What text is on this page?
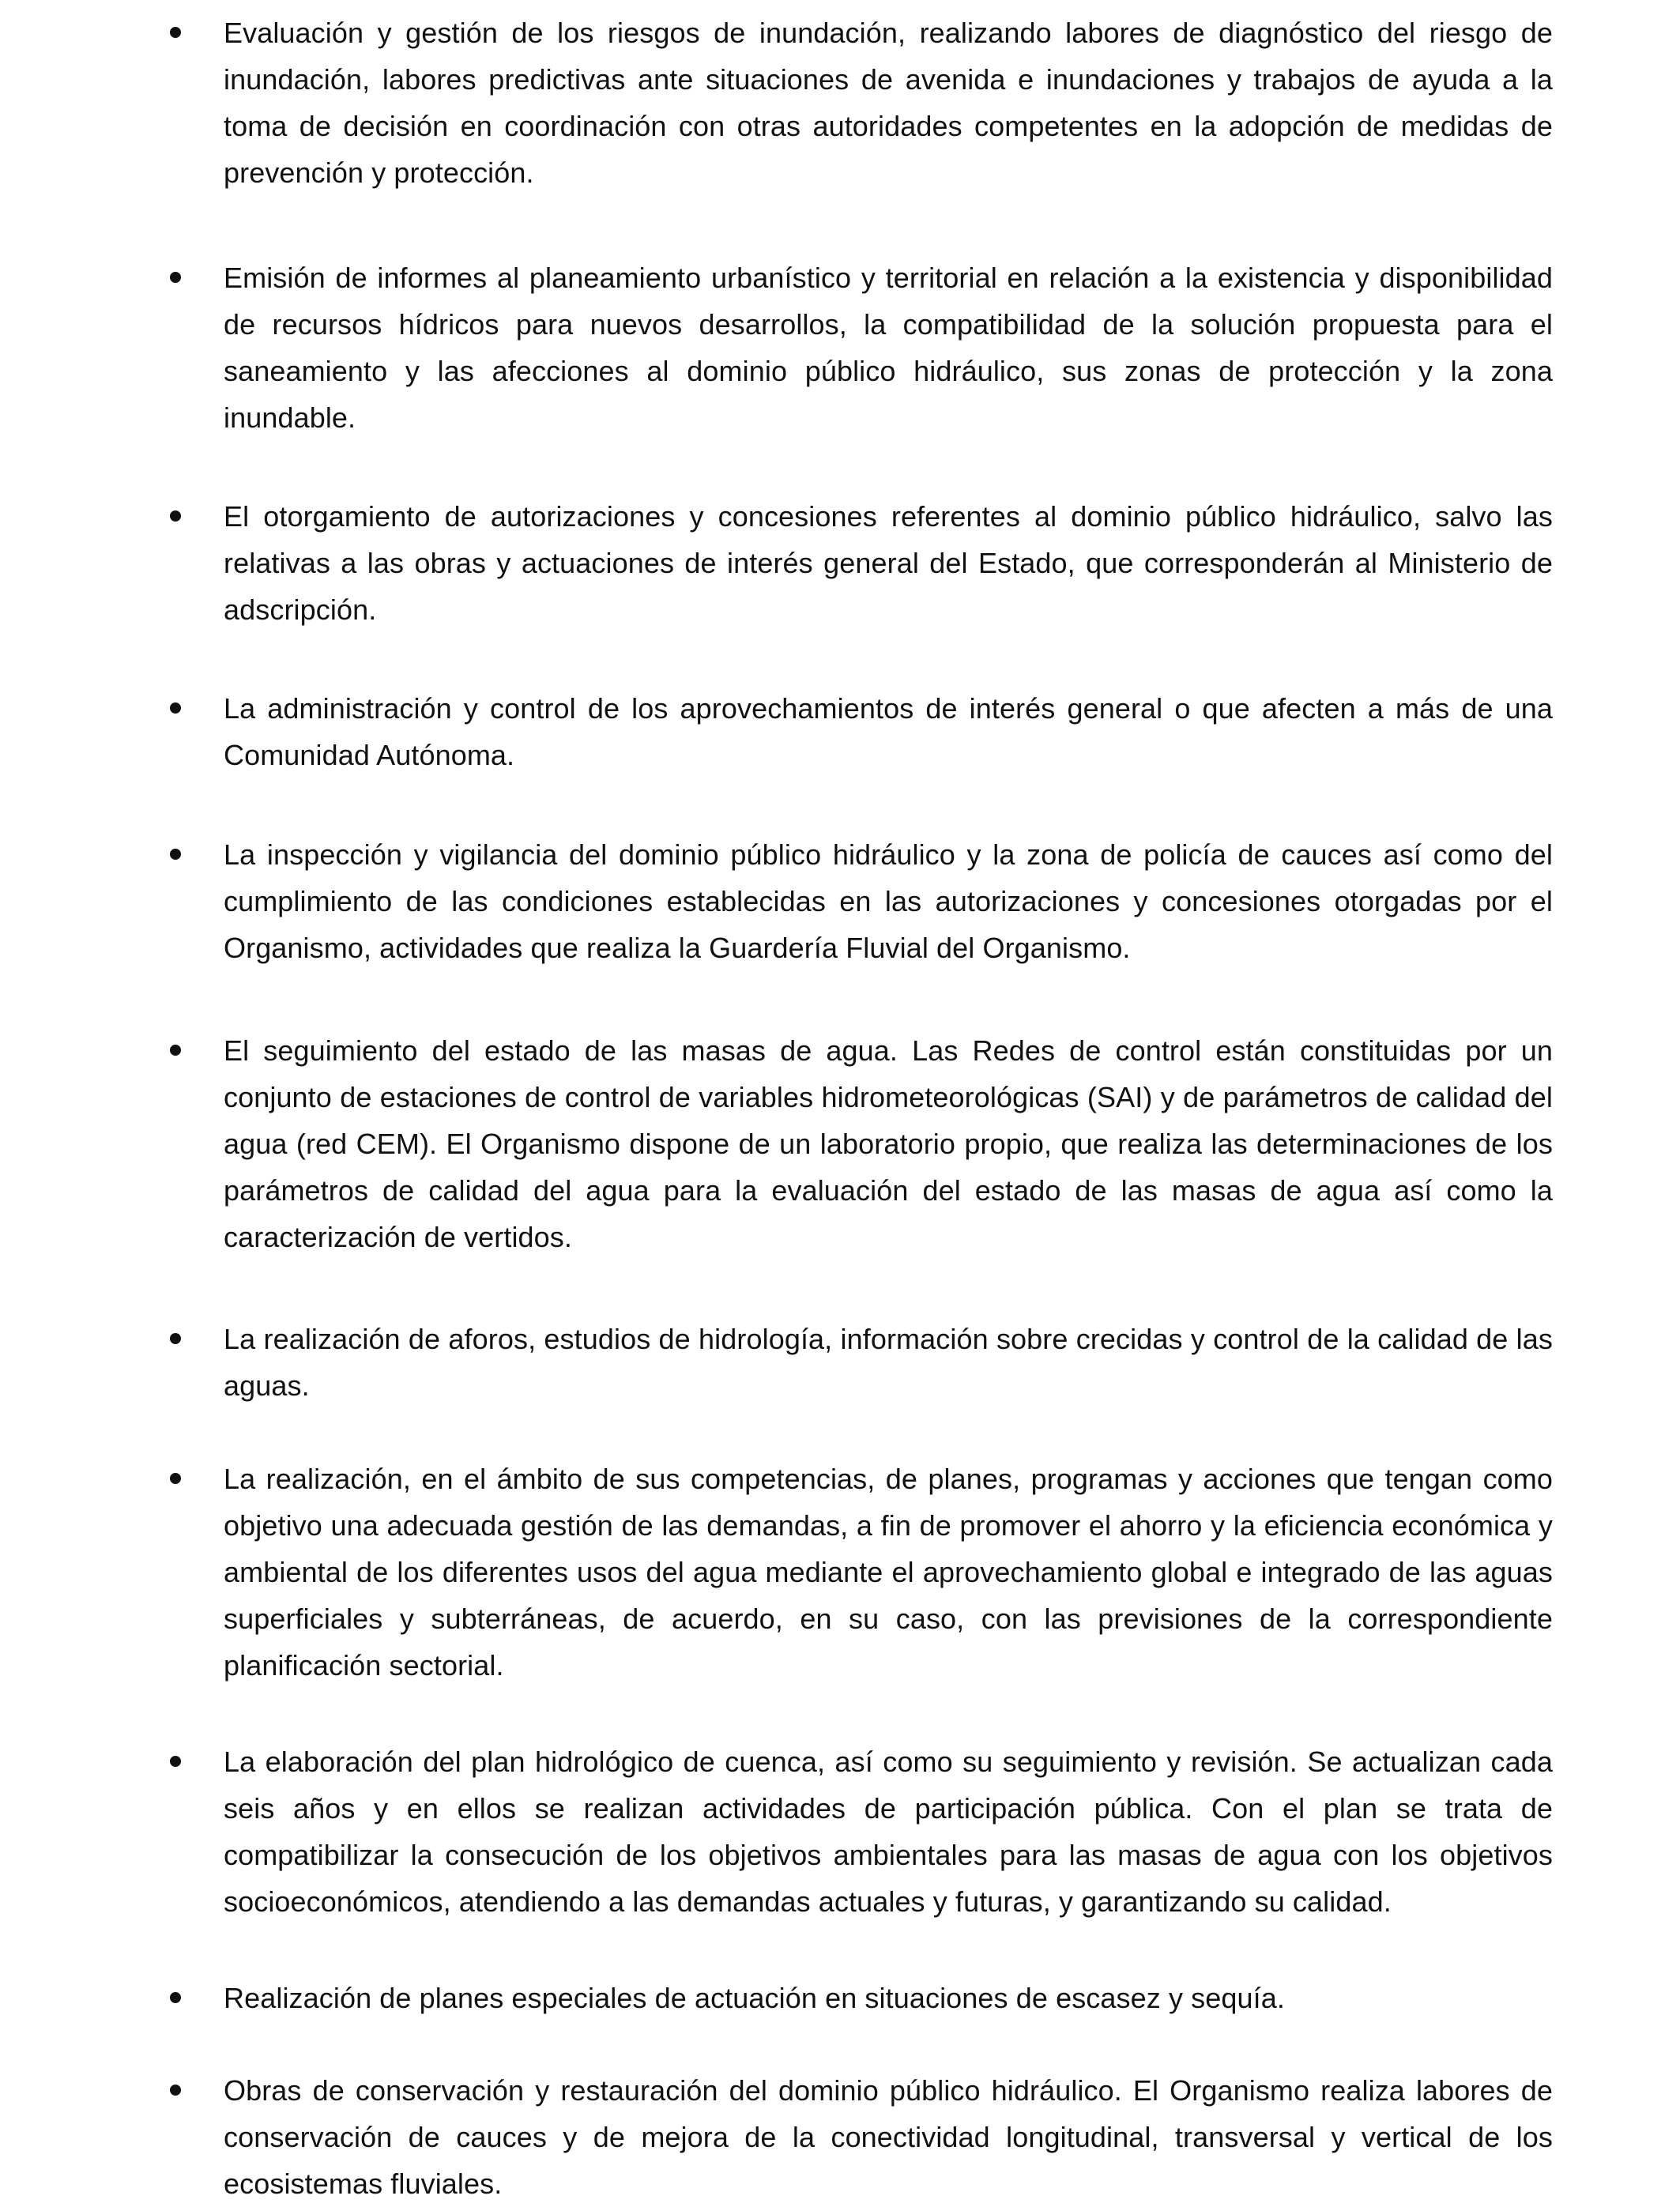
Evaluación y gestión de los riesgos de inundación, realizando labores de diagnóstico del riesgo de inundación, labores predictivas ante situaciones de avenida e inundaciones y trabajos de ayuda a la toma de decisión en coordinación con otras autoridades competentes en la adopción de medidas de prevención y protección.

Emisión de informes al planeamiento urbanístico y territorial en relación a la existencia y disponibilidad de recursos hídricos para nuevos desarrollos, la compatibilidad de la solución propuesta para el saneamiento y las afecciones al dominio público hidráulico, sus zonas de protección y la zona inundable.

El otorgamiento de autorizaciones y concesiones referentes al dominio público hidráulico, salvo las relativas a las obras y actuaciones de interés general del Estado, que corresponderán al Ministerio de adscripción.

La administración y control de los aprovechamientos de interés general o que afecten a más de una Comunidad Autónoma.

La inspección y vigilancia del dominio público hidráulico y la zona de policía de cauces así como del cumplimiento de las condiciones establecidas en las autorizaciones y concesiones otorgadas por el Organismo, actividades que realiza la Guardería Fluvial del Organismo.

El seguimiento del estado de las masas de agua. Las Redes de control están constituidas por un conjunto de estaciones de control de variables hidrometeorológicas (SAI) y de parámetros de calidad del agua (red CEM). El Organismo dispone de un laboratorio propio, que realiza las determinaciones de los parámetros de calidad del agua para la evaluación del estado de las masas de agua así como la caracterización de vertidos.

La realización de aforos, estudios de hidrología, información sobre crecidas y control de la calidad de las aguas.

La realización, en el ámbito de sus competencias, de planes, programas y acciones que tengan como objetivo una adecuada gestión de las demandas, a fin de promover el ahorro y la eficiencia económica y ambiental de los diferentes usos del agua mediante el aprovechamiento global e integrado de las aguas superficiales y subterráneas, de acuerdo, en su caso, con las previsiones de la correspondiente planificación sectorial.

La elaboración del plan hidrológico de cuenca, así como su seguimiento y revisión. Se actualizan cada seis años y en ellos se realizan actividades de participación pública. Con el plan se trata de compatibilizar la consecución de los objetivos ambientales para las masas de agua con los objetivos socioeconómicos, atendiendo a las demandas actuales y futuras, y garantizando su calidad.

Realización de planes especiales de actuación en situaciones de escasez y sequía.

Obras de conservación y restauración del dominio público hidráulico. El Organismo realiza labores de conservación de cauces y de mejora de la conectividad longitudinal, transversal y vertical de los ecosistemas fluviales.
